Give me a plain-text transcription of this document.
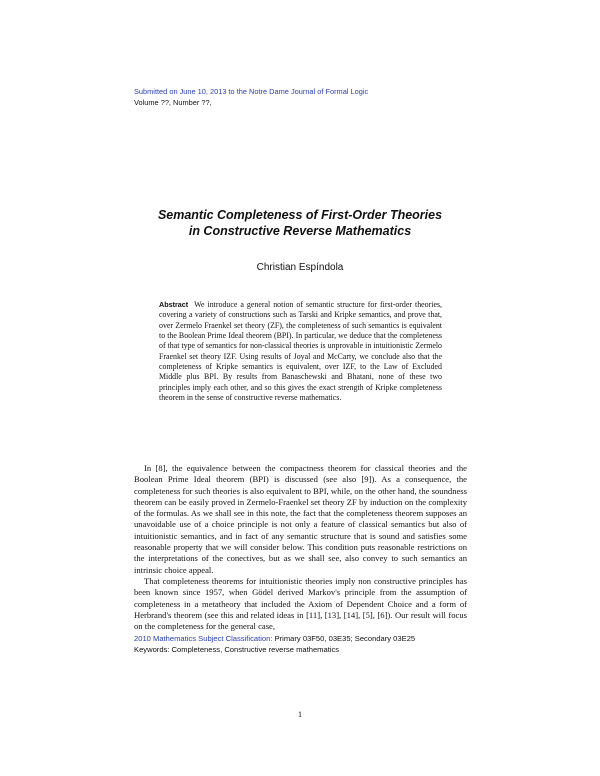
Submitted on June 10, 2013 to the Notre Dame Journal of Formal Logic
Volume ??, Number ??,
Semantic Completeness of First-Order Theories
in Constructive Reverse Mathematics
Christian Espíndola
Abstract We introduce a general notion of semantic structure for first-order theories, covering a variety of constructions such as Tarski and Kripke semantics, and prove that, over Zermelo Fraenkel set theory (ZF), the completeness of such semantics is equivalent to the Boolean Prime Ideal theorem (BPI). In particular, we deduce that the completeness of that type of semantics for non-classical theories is unprovable in intuitionistic Zermelo Fraenkel set theory IZF. Using results of Joyal and McCarty, we conclude also that the completeness of Kripke semantics is equivalent, over IZF, to the Law of Excluded Middle plus BPI. By results from Banaschewski and Bhatani, none of these two principles imply each other, and so this gives the exact strength of Kripke completeness theorem in the sense of constructive reverse mathematics.

In [8], the equivalence between the compactness theorem for classical theories and the Boolean Prime Ideal theorem (BPI) is discussed (see also [9]). As a consequence, the completeness for such theories is also equivalent to BPI, while, on the other hand, the soundness theorem can be easily proved in Zermelo-Fraenkel set theory ZF by induction on the complexity of the formulas. As we shall see in this note, the fact that the completeness theorem supposes an unavoidable use of a choice principle is not only a feature of classical semantics but also of intuitionistic semantics, and in fact of any semantic structure that is sound and satisfies some reasonable property that we will consider below. This condition puts reasonable restrictions on the interpretations of the conectives, but as we shall see, also convey to such semantics an intrinsic choice appeal.

That completeness theorems for intuitionistic theories imply non constructive principles has been known since 1957, when Gödel derived Markov's principle from the assumption of completeness in a metatheory that included the Axiom of Dependent Choice and a form of Herbrand's theorem (see this and related ideas in [11], [13], [14], [5], [6]). Our result will focus on the completeness for the general case,

2010 Mathematics Subject Classification: Primary 03F50, 03E35; Secondary 03E25
Keywords: Completeness, Constructive reverse mathematics
1
